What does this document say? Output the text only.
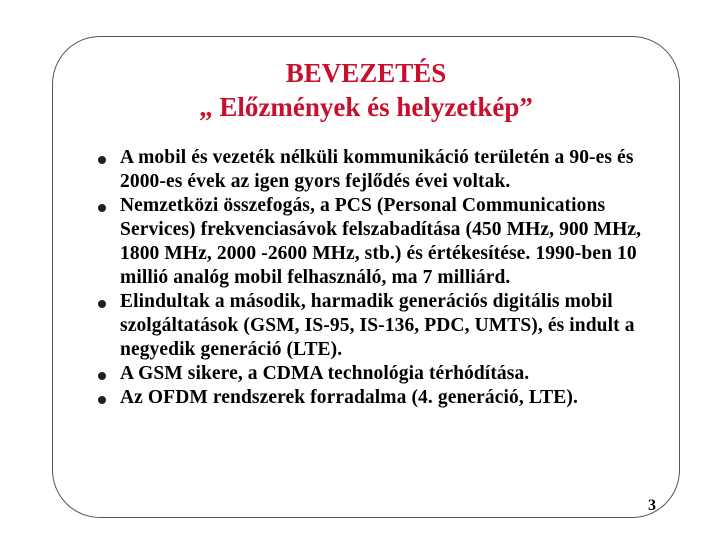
BEVEZETÉS
„ Előzmények és helyzetkép”
A mobil és vezeték nélküli kommunikáció területén a 90-es és 2000-es évek az igen gyors fejlődés évei voltak.
Nemzetközi összefogás, a PCS (Personal Communications Services) frekvenciasávok felszabadítása (450 MHz, 900 MHz, 1800 MHz, 2000 -2600 MHz, stb.) és értékesítése. 1990-ben 10 millió analóg mobil felhasználó, ma 7 milliárd.
Elindultak a második, harmadik generációs digitális mobil szolgáltatások (GSM, IS-95, IS-136, PDC, UMTS), és indult a negyedik generáció (LTE).
A GSM sikere, a CDMA technológia térhódítása.
Az OFDM rendszerek forradalma (4. generáció, LTE).
3
